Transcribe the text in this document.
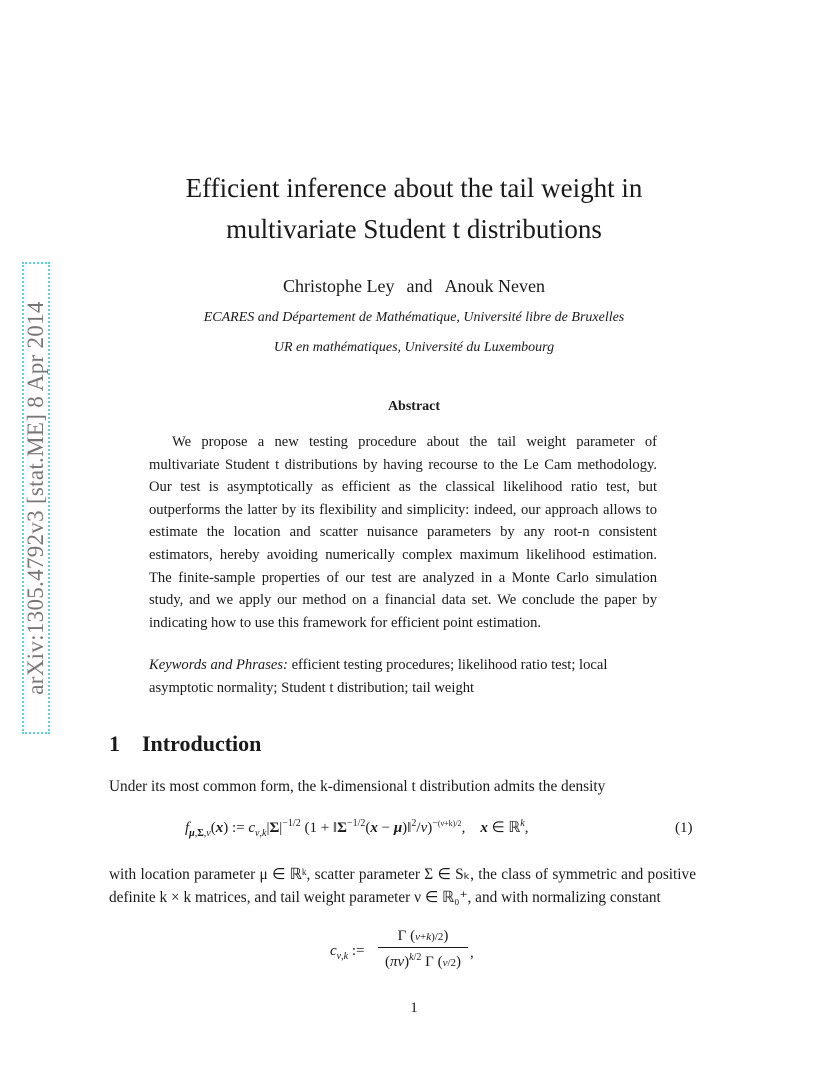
arXiv:1305.4792v3 [stat.ME] 8 Apr 2014
Efficient inference about the tail weight in
multivariate Student t distributions
Christophe Ley and Anouk Neven
ECARES and Département de Mathématique, Université libre de Bruxelles
UR en mathématiques, Université du Luxembourg
Abstract
We propose a new testing procedure about the tail weight parameter of multivariate Student t distributions by having recourse to the Le Cam methodology. Our test is asymptotically as efficient as the classical likelihood ratio test, but outperforms the latter by its flexibility and simplicity: indeed, our approach allows to estimate the location and scatter nuisance parameters by any root-n consistent estimators, hereby avoiding numerically complex maximum likelihood estimation. The finite-sample properties of our test are analyzed in a Monte Carlo simulation study, and we apply our method on a financial data set. We conclude the paper by indicating how to use this framework for efficient point estimation.
Keywords and Phrases: efficient testing procedures; likelihood ratio test; local asymptotic normality; Student t distribution; tail weight
1 Introduction
Under its most common form, the k-dimensional t distribution admits the density
$f_{\mu,\Sigma,\nu}(x)$ := $c_{\nu,k}|\Sigma|^{-1/2}$ ($1 + ‖\Sigma^{-1/2}(x$ − μ)‖$^2$/ν)$^{-(\nu+k)/2}$,    x ∈ ℝ$^k$,	(1)
with location parameter μ ∈ ℝᵏ, scatter parameter Σ ∈ Sₖ, the class of symmetric and positive definite k × k matrices, and tail weight parameter ν ∈ ℝ₀⁺, and with normalizing constant
$c_{\nu,k}$ :=
Γ (ν+k)/2)
$(\pi\nu)^{k/2}$ Γ (ν/2)
,
1
